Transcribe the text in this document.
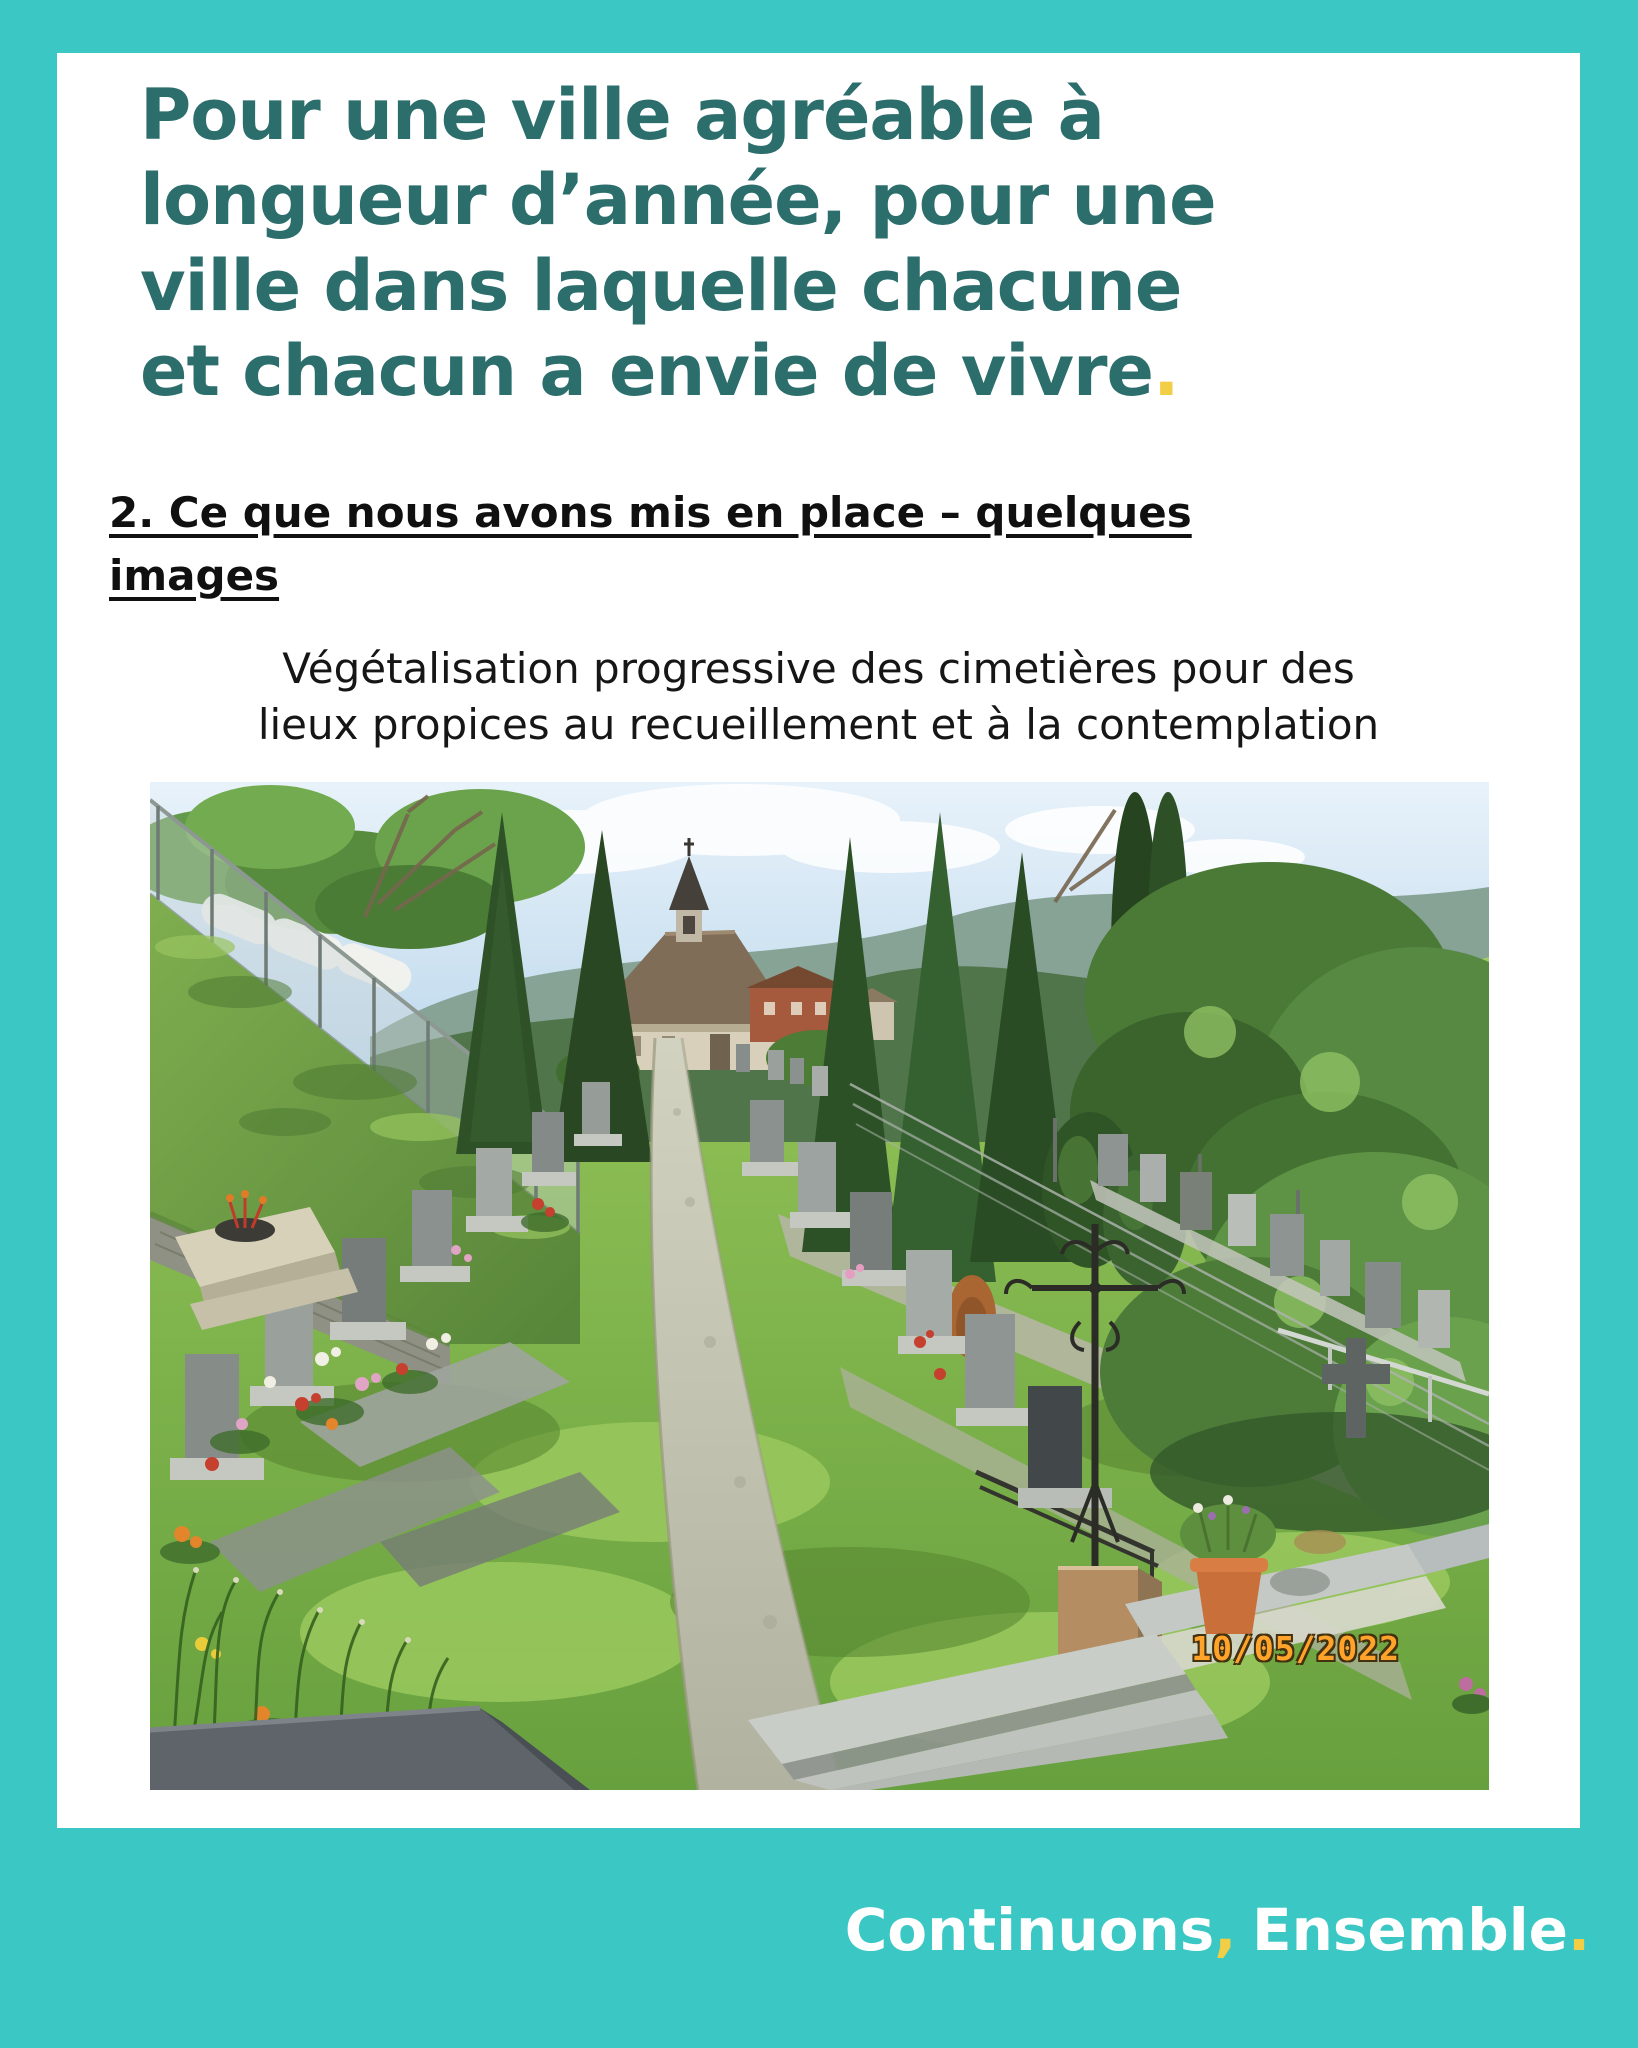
Pour une ville agréable à
longueur d’année, pour une
ville dans laquelle chacune
et chacun a envie de vivre.
2. Ce que nous avons mis en place – quelques
images
Végétalisation progressive des cimetières pour des
lieux propices au recueillement et à la contemplation
10/05/2022
Continuons, Ensemble.
